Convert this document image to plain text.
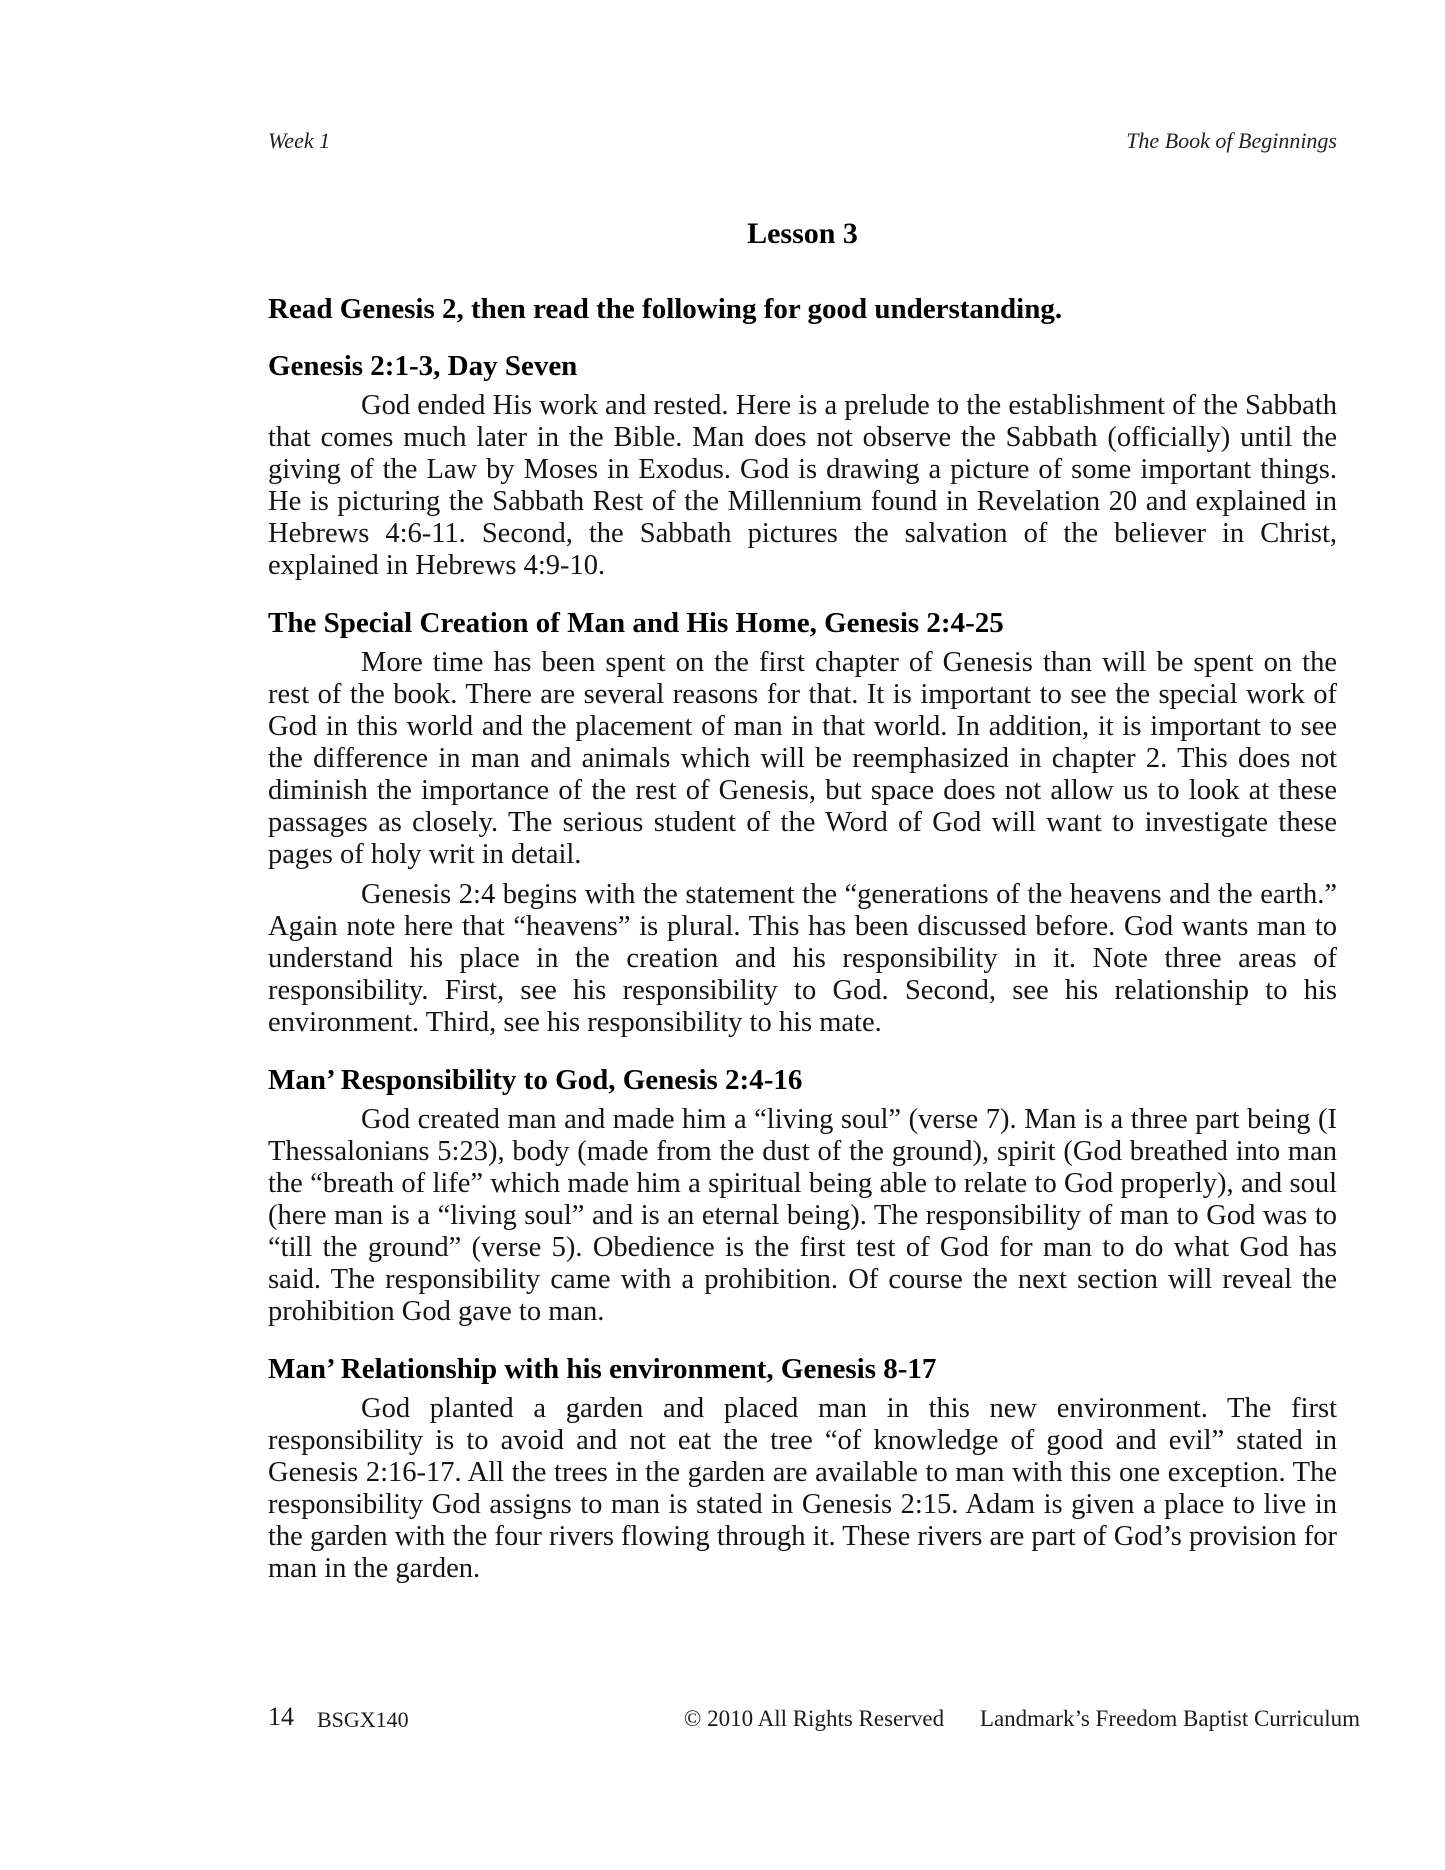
Week 1	The Book of Beginnings
Lesson 3
Read Genesis 2, then read the following for good understanding.
Genesis 2:1-3, Day Seven

God ended His work and rested. Here is a prelude to the establishment of the Sabbath that comes much later in the Bible. Man does not observe the Sabbath (officially) until the giving of the Law by Moses in Exodus. God is drawing a picture of some important things. He is picturing the Sabbath Rest of the Millennium found in Revelation 20 and explained in Hebrews 4:6-11. Second, the Sabbath pictures the salvation of the believer in Christ, explained in Hebrews 4:9-10.

The Special Creation of Man and His Home, Genesis 2:4-25

More time has been spent on the first chapter of Genesis than will be spent on the rest of the book. There are several reasons for that. It is important to see the special work of God in this world and the placement of man in that world. In addition, it is important to see the difference in man and animals which will be reemphasized in chapter 2. This does not diminish the importance of the rest of Genesis, but space does not allow us to look at these passages as closely. The serious student of the Word of God will want to investigate these pages of holy writ in detail.

Genesis 2:4 begins with the statement the “generations of the heavens and the earth.” Again note here that “heavens” is plural. This has been discussed before. God wants man to understand his place in the creation and his responsibility in it. Note three areas of responsibility. First, see his responsibility to God. Second, see his relationship to his environment. Third, see his responsibility to his mate.

Man’ Responsibility to God, Genesis 2:4-16

God created man and made him a “living soul” (verse 7). Man is a three part being (I Thessalonians 5:23), body (made from the dust of the ground), spirit (God breathed into man the “breath of life” which made him a spiritual being able to relate to God properly), and soul (here man is a “living soul” and is an eternal being). The responsibility of man to God was to “till the ground” (verse 5). Obedience is the first test of God for man to do what God has said. The responsibility came with a prohibition. Of course the next section will reveal the prohibition God gave to man.

Man’ Relationship with his environment, Genesis 8-17

God planted a garden and placed man in this new environment. The first responsibility is to avoid and not eat the tree “of knowledge of good and evil” stated in Genesis 2:16-17. All the trees in the garden are available to man with this one exception. The responsibility God assigns to man is stated in Genesis 2:15. Adam is given a place to live in the garden with the four rivers flowing through it. These rivers are part of God’s provision for man in the garden.

14 BSGX140	© 2010 All Rights Reserved Landmark’s Freedom Baptist Curriculum
